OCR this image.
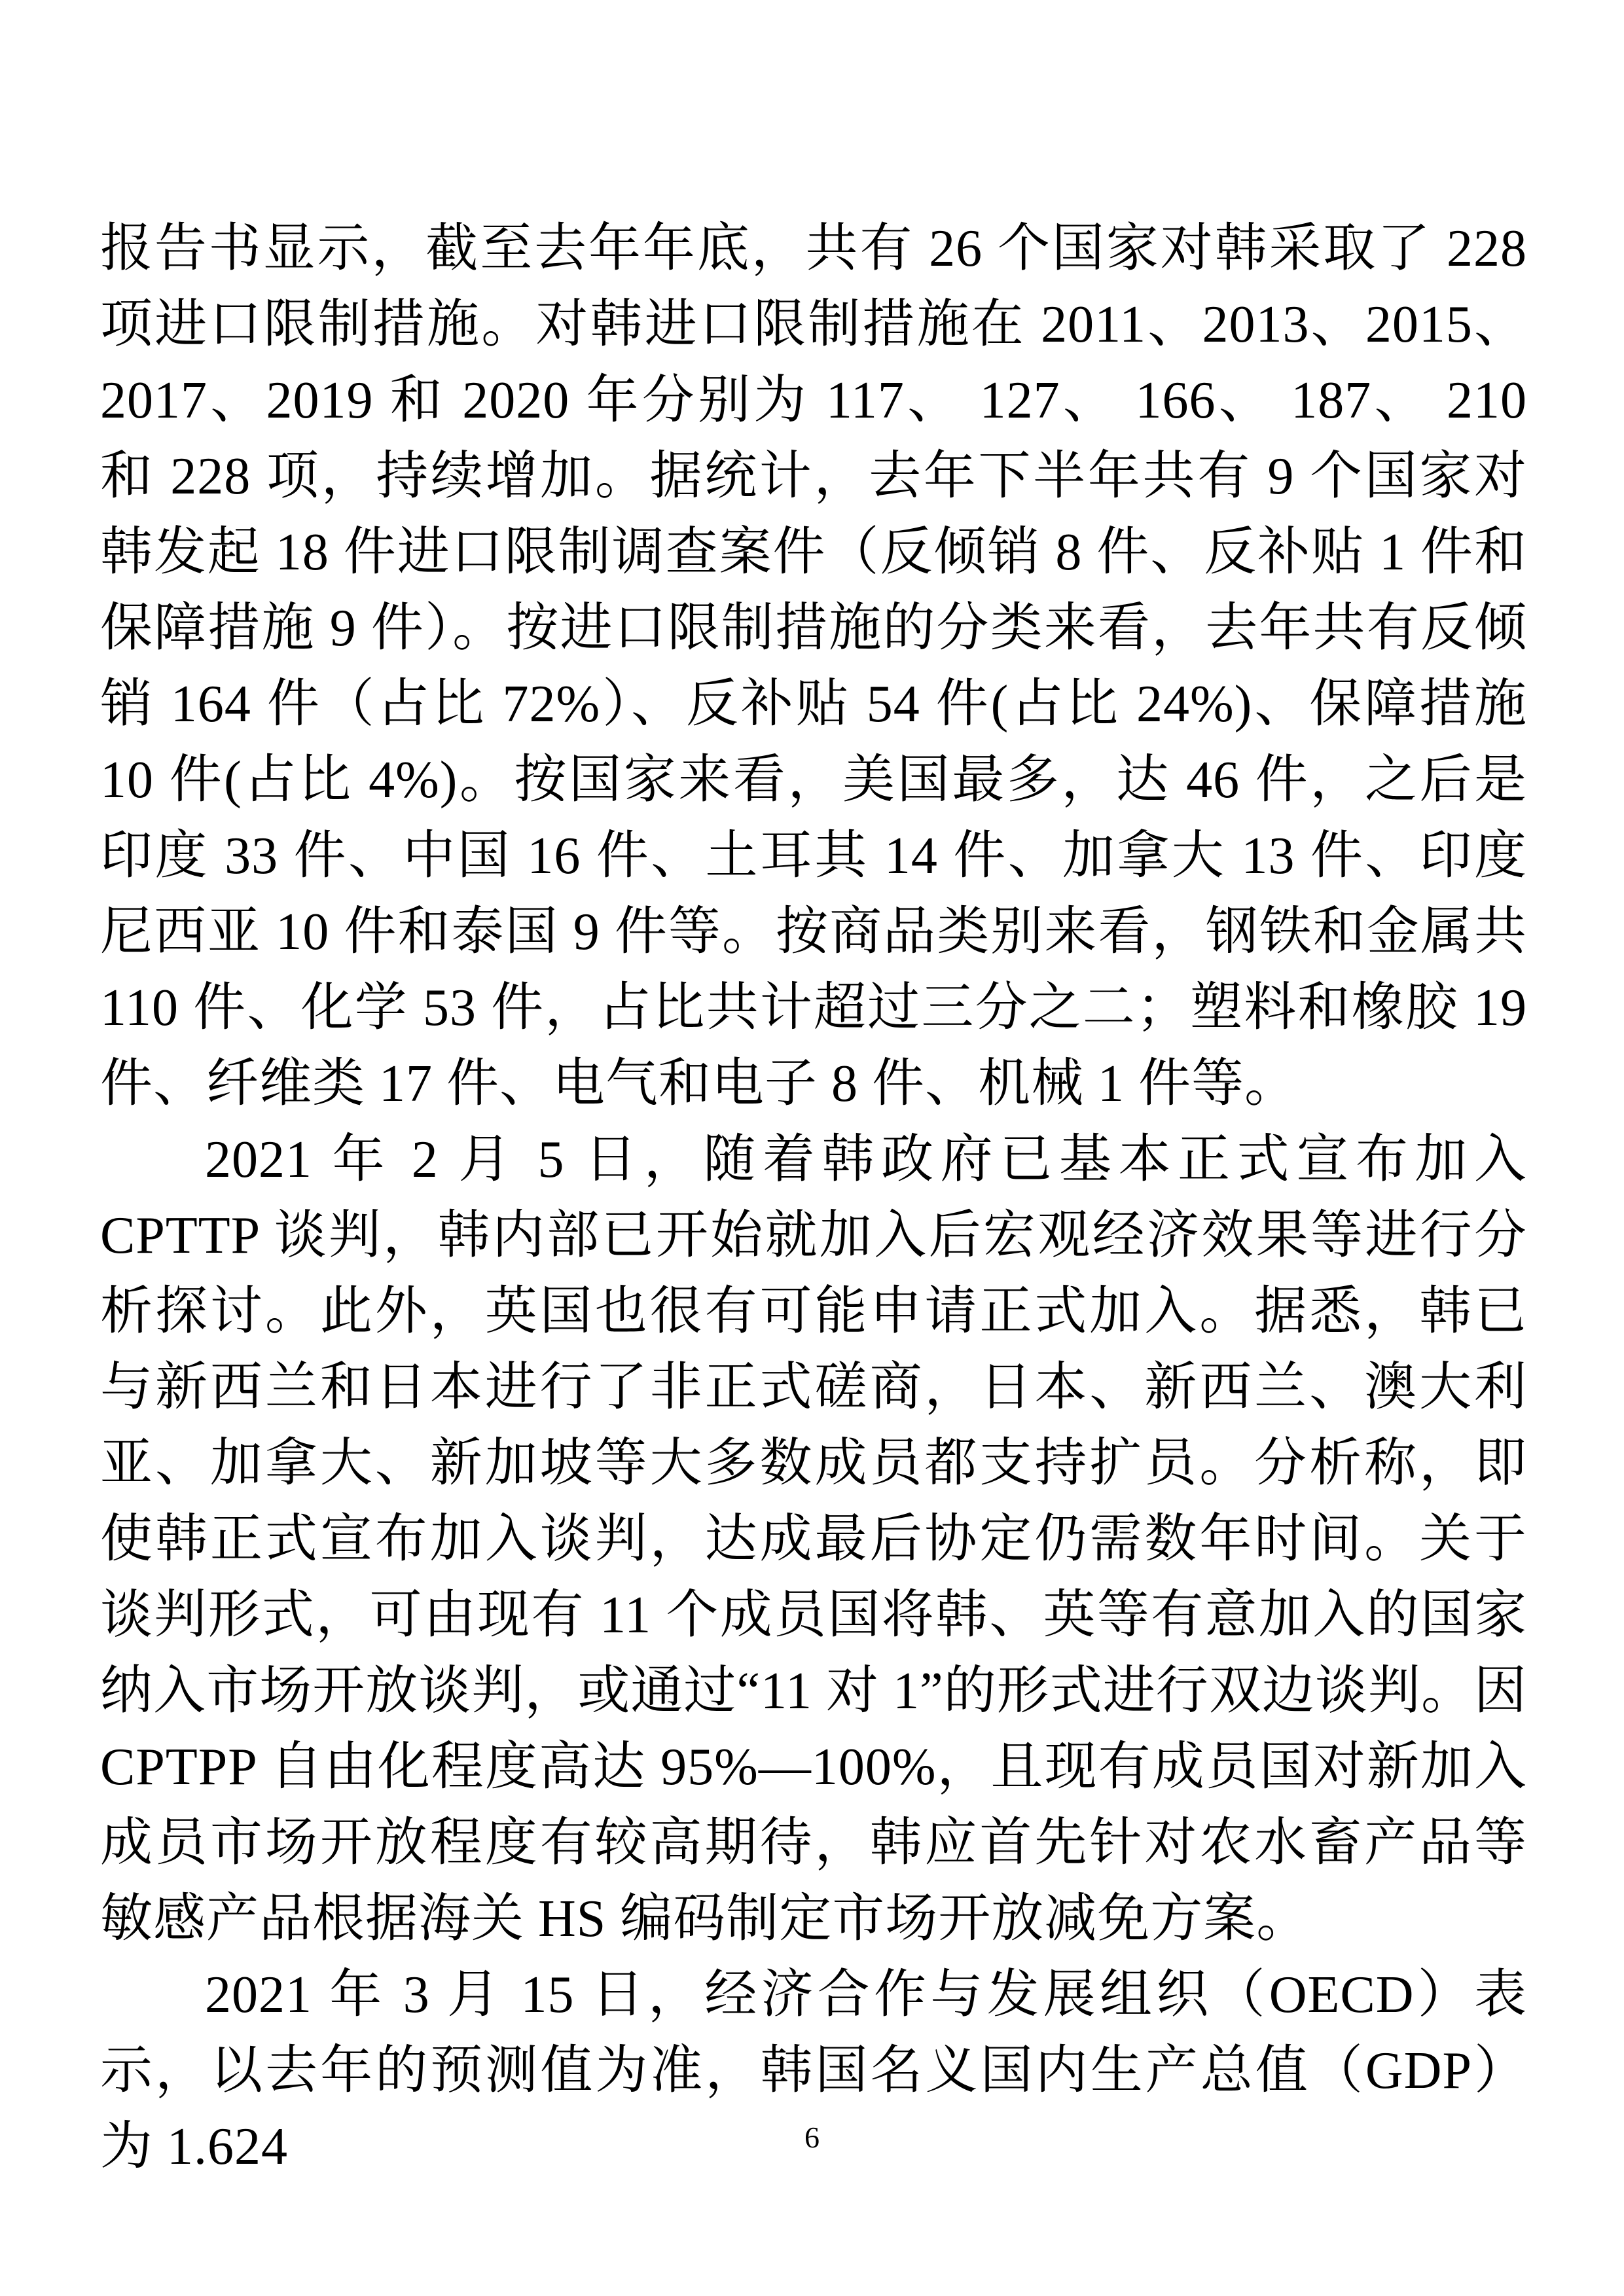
报告书显示，截至去年年底，共有 26 个国家对韩采取了 228 项进口限制措施。对韩进口限制措施在 2011、2013、2015、2017、2019 和 2020 年分别为 117、 127、 166、 187、 210 和 228 项，持续增加。据统计，去年下半年共有 9 个国家对韩发起 18 件进口限制调查案件（反倾销 8 件、反补贴 1 件和保障措施 9 件）。按进口限制措施的分类来看，去年共有反倾销 164 件（占比 72%）、反补贴 54 件(占比 24%)、保障措施 10 件(占比 4%)。按国家来看，美国最多，达 46 件，之后是印度 33 件、中国 16 件、土耳其 14 件、加拿大 13 件、印度尼西亚 10 件和泰国 9 件等。按商品类别来看，钢铁和金属共 110 件、化学 53 件，占比共计超过三分之二；塑料和橡胶 19 件、纤维类 17 件、电气和电子 8 件、机械 1 件等。

2021 年 2 月 5 日，随着韩政府已基本正式宣布加入 CPTTP 谈判，韩内部已开始就加入后宏观经济效果等进行分析探讨。此外，英国也很有可能申请正式加入。据悉，韩已与新西兰和日本进行了非正式磋商，日本、新西兰、澳大利亚、加拿大、新加坡等大多数成员都支持扩员。分析称，即使韩正式宣布加入谈判，达成最后协定仍需数年时间。关于谈判形式，可由现有 11 个成员国将韩、英等有意加入的国家纳入市场开放谈判，或通过“11 对 1”的形式进行双边谈判。因 CPTPP 自由化程度高达 95%—100%，且现有成员国对新加入成员市场开放程度有较高期待，韩应首先针对农水畜产品等敏感产品根据海关 HS 编码制定市场开放减免方案。

2021 年 3 月 15 日，经济合作与发展组织（OECD）表示，以去年的预测值为准，韩国名义国内生产总值（GDP）为 1.624	6
